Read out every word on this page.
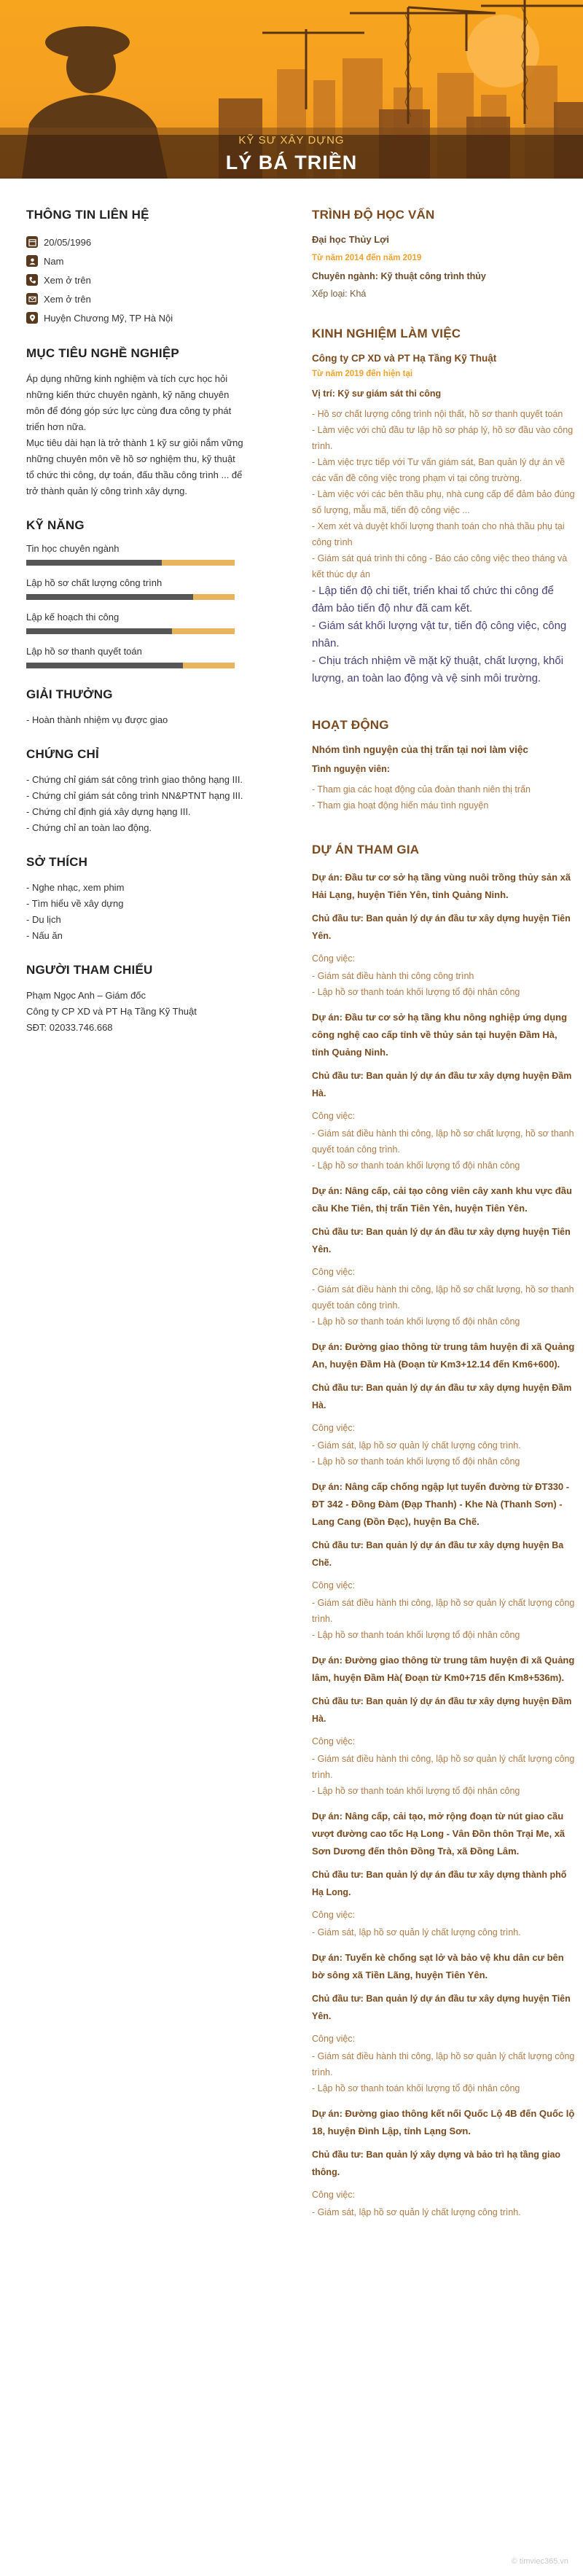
KỸ SƯ XÂY DỰNG
LÝ BÁ TRIỀN
THÔNG TIN LIÊN HỆ
20/05/1996
Nam
Xem ở trên
Xem ở trên
Huyện Chương Mỹ, TP Hà Nội
MỤC TIÊU NGHỀ NGHIỆP
Áp dụng những kinh nghiệm và tích cực học hỏi những kiến thức chuyên ngành, kỹ năng chuyên môn để đóng góp sức lực cùng đưa công ty phát triển hơn nữa.
Mục tiêu dài hạn là trở thành 1 kỹ sư giỏi nắm vững những chuyên môn về hồ sơ nghiệm thu, kỹ thuật tổ chức thi công, dự toán, đấu thầu công trình ... để trở thành quản lý công trình xây dựng.
KỸ NĂNG
Tin học chuyên ngành
Lập hồ sơ chất lượng công trình
Lập kế hoạch thi công
Lập hồ sơ thanh quyết toán
GIẢI THƯỞNG
- Hoàn thành nhiệm vụ được giao
CHỨNG CHỈ
- Chứng chỉ giám sát công trình giao thông hạng III.
- Chứng chỉ giám sát công trình NN&PTNT hạng III.
- Chứng chỉ định giá xây dựng hạng III.
- Chứng chỉ an toàn lao động.
SỞ THÍCH
- Nghe nhạc, xem phim
- Tìm hiểu về xây dựng
- Du lịch
- Nấu ăn
NGƯỜI THAM CHIẾU
Phạm Ngọc Anh – Giám đốc
Công ty CP XD và PT Hạ Tầng Kỹ Thuật
SĐT: 02033.746.668
TRÌNH ĐỘ HỌC VẤN
Đại học Thủy Lợi
Từ năm 2014 đến năm 2019
Chuyên ngành: Kỹ thuật công trình thủy
Xếp loại: Khá
KINH NGHIỆM LÀM VIỆC
Công ty CP XD và PT Hạ Tầng Kỹ Thuật
Từ năm 2019 đến hiện tại
Vị trí: Kỹ sư giám sát thi công
- Hồ sơ chất lượng công trình nội thất, hồ sơ thanh quyết toán
- Làm việc với chủ đầu tư lập hồ sơ pháp lý, hồ sơ đầu vào công trình.
- Làm việc trực tiếp với Tư vấn giám sát, Ban quản lý dự án về các vấn đề công việc trong phạm vi tại công trường.
- Làm việc với các bên thầu phụ, nhà cung cấp để đảm bảo đúng số lượng, mẫu mã, tiến độ công việc ...
- Xem xét và duyệt khối lượng thanh toán cho nhà thầu phụ tại công trình
- Giám sát quá trình thi công - Báo cáo công việc theo tháng và kết thúc dự án
- Lập tiến độ chi tiết, triển khai tổ chức thi công để đảm bảo tiến độ như đã cam kết.
- Giám sát khối lượng vật tư, tiến độ công việc, công nhân.
- Chịu trách nhiệm về mặt kỹ thuật, chất lượng, khối lượng, an toàn lao động và vệ sinh môi trường.
HOẠT ĐỘNG
Nhóm tình nguyện của thị trấn tại nơi làm việc
Tình nguyện viên:
- Tham gia các hoạt động của đoàn thanh niên thị trấn
- Tham gia hoạt động hiến máu tình nguyện
DỰ ÁN THAM GIA
Dự án: Đầu tư cơ sở hạ tầng vùng nuôi trồng thủy sản xã Hải Lạng, huyện Tiên Yên, tỉnh Quảng Ninh.
Chủ đầu tư: Ban quản lý dự án đầu tư xây dựng huyện Tiên Yên.
Công việc:
- Giám sát điều hành thi công công trình
- Lập hồ sơ thanh toán khối lượng tổ đội nhân công
Dự án: Đầu tư cơ sở hạ tầng khu nông nghiệp ứng dụng công nghệ cao cấp tỉnh về thủy sản tại huyện Đầm Hà, tỉnh Quảng Ninh.
Chủ đầu tư: Ban quản lý dự án đầu tư xây dựng huyện Đầm Hà.
Công việc:
- Giám sát điều hành thi công, lập hồ sơ chất lượng, hồ sơ thanh quyết toán công trình.
- Lập hồ sơ thanh toán khối lượng tổ đội nhân công
Dự án: Nâng cấp, cải tạo công viên cây xanh khu vực đầu cầu Khe Tiên, thị trấn Tiên Yên, huyện Tiên Yên.
Chủ đầu tư: Ban quản lý dự án đầu tư xây dựng huyện Tiên Yên.
Công việc:
- Giám sát điều hành thi công, lập hồ sơ chất lượng, hồ sơ thanh quyết toán công trình.
- Lập hồ sơ thanh toán khối lượng tổ đội nhân công
Dự án: Đường giao thông từ trung tâm huyện đi xã Quảng An, huyện Đầm Hà (Đoạn từ Km3+12.14 đến Km6+600).
Chủ đầu tư: Ban quản lý dự án đầu tư xây dựng huyện Đầm Hà.
Công việc:
- Giám sát, lập hồ sơ quản lý chất lượng công trình.
- Lập hồ sơ thanh toán khối lượng tổ đội nhân công
Dự án: Nâng cấp chống ngập lụt tuyến đường từ ĐT330 - ĐT 342 - Đồng Đàm (Đạp Thanh) - Khe Nà (Thanh Sơn) - Lang Cang (Đồn Đạc), huyện Ba Chẽ.
Chủ đầu tư: Ban quản lý dự án đầu tư xây dựng huyện Ba Chẽ.
Công việc:
- Giám sát điều hành thi công, lập hồ sơ quản lý chất lượng công trình.
- Lập hồ sơ thanh toán khối lượng tổ đội nhân công
Dự án: Đường giao thông từ trung tâm huyện đi xã Quảng lâm, huyện Đầm Hà( Đoạn từ Km0+715 đến Km8+536m).
Chủ đầu tư: Ban quản lý dự án đầu tư xây dựng huyện Đầm Hà.
Công việc:
- Giám sát điều hành thi công, lập hồ sơ quản lý chất lượng công trình.
- Lập hồ sơ thanh toán khối lượng tổ đội nhân công
Dự án: Nâng cấp, cải tạo, mở rộng đoạn từ nút giao cầu vượt đường cao tốc Hạ Long - Vân Đồn thôn Trại Me, xã Sơn Dương đến thôn Đồng Trà, xã Đồng Lâm.
Chủ đầu tư: Ban quản lý dự án đầu tư xây dựng thành phố Hạ Long.
Công việc:
- Giám sát, lập hồ sơ quản lý chất lượng công trình.
Dự án: Tuyến kè chống sạt lở và bảo vệ khu dân cư bên bờ sông xã Tiền Lãng, huyện Tiên Yên.
Chủ đầu tư: Ban quản lý dự án đầu tư xây dựng huyện Tiên Yên.
Công việc:
- Giám sát điều hành thi công, lập hồ sơ quản lý chất lượng công trình.
- Lập hồ sơ thanh toán khối lượng tổ đội nhân công
Dự án: Đường giao thông kết nối Quốc Lộ 4B đến Quốc lộ 18, huyện Đình Lập, tỉnh Lạng Sơn.
Chủ đầu tư: Ban quản lý xây dựng và bảo trì hạ tầng giao thông.
Công việc:
- Giám sát, lập hồ sơ quản lý chất lượng công trình.
© timviec365.vn
